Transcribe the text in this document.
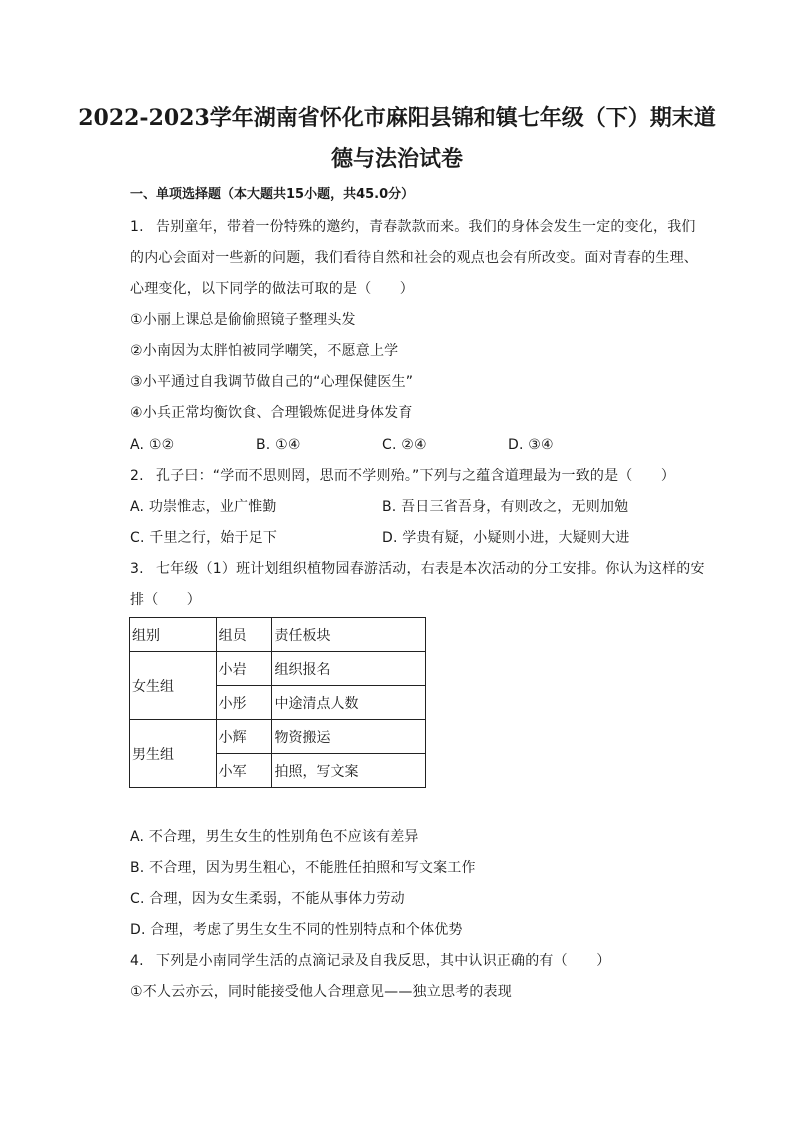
2022-2023学年湖南省怀化市麻阳县锦和镇七年级（下）期末道
德与法治试卷
一、单项选择题（本大题共15小题，共45.0分）
1. 告别童年，带着一份特殊的邀约，青春款款而来。我们的身体会发生一定的变化，我们
的内心会面对一些新的问题，我们看待自然和社会的观点也会有所改变。面对青春的生理、
心理变化，以下同学的做法可取的是（　　）
①小丽上课总是偷偷照镜子整理头发
②小南因为太胖怕被同学嘲笑，不愿意上学
③小平通过自我调节做自己的“心理保健医生”
④小兵正常均衡饮食、合理锻炼促进身体发育
A. ①②	B. ①④	C. ②④	D. ③④
2. 孔子曰：“学而不思则罔，思而不学则殆。”下列与之蕴含道理最为一致的是（　　）
A. 功崇惟志，业广惟勤	B. 吾日三省吾身，有则改之，无则加勉
C. 千里之行，始于足下	D. 学贵有疑，小疑则小进，大疑则大进
3. 七年级（1）班计划组织植物园春游活动，右表是本次活动的分工安排。你认为这样的安
排（　　）
组别	组员	责任板块
女生组	小岩	组织报名
	小彤	中途清点人数
男生组	小辉	物资搬运
	小军	拍照，写文案
A. 不合理，男生女生的性别角色不应该有差异
B. 不合理，因为男生粗心，不能胜任拍照和写文案工作
C. 合理，因为女生柔弱，不能从事体力劳动
D. 合理，考虑了男生女生不同的性别特点和个体优势
4. 下列是小南同学生活的点滴记录及自我反思，其中认识正确的有（　　）
①不人云亦云，同时能接受他人合理意见——独立思考的表现
